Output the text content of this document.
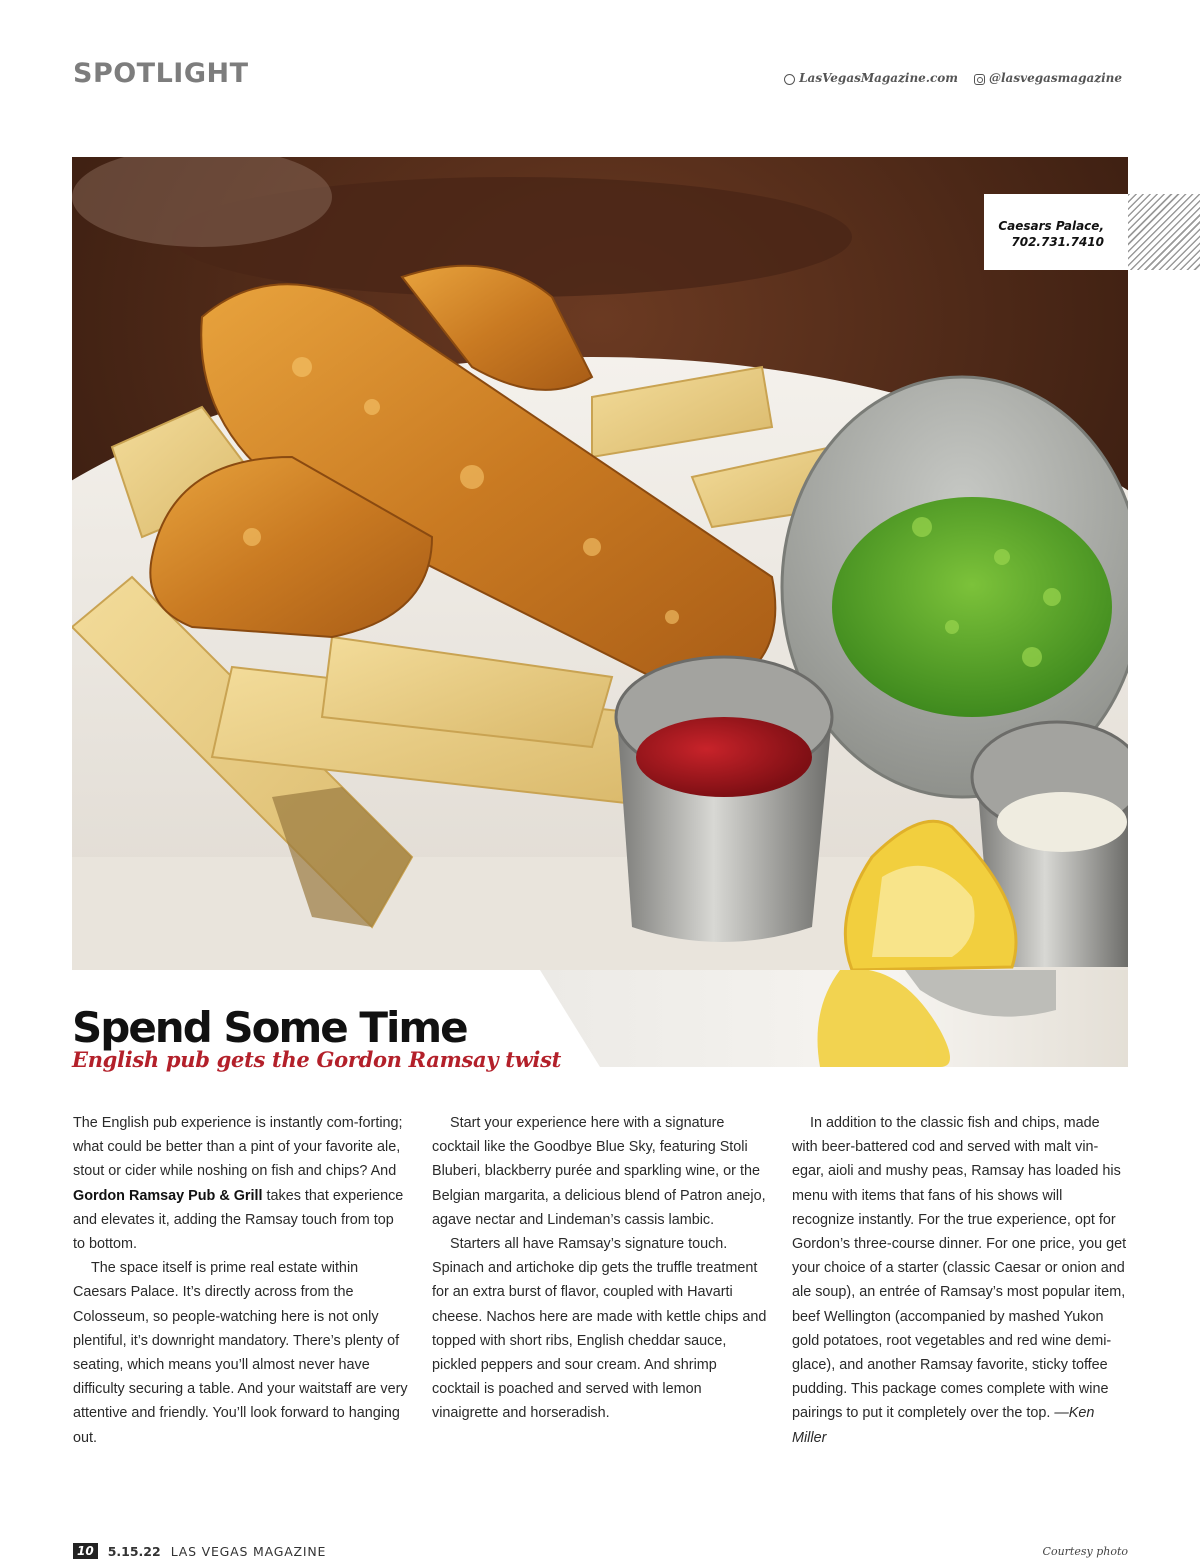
SPOTLIGHT	LasVegasMagazine.com	@lasvegasmagazine
Caesars Palace,
702.731.7410
Spend Some Time
English pub gets the Gordon Ramsay twist

The English pub experience is instantly com-forting; what could be better than a pint of your favorite ale, stout or cider while noshing on fish and chips? And Gordon Ramsay Pub & Grill takes that experience and elevates it, adding the Ramsay touch from top to bottom.

The space itself is prime real estate within Caesars Palace. It’s directly across from the Colosseum, so people-watching here is not only plentiful, it’s downright mandatory. There’s plenty of seating, which means you’ll almost never have difficulty securing a table. And your waitstaff are very attentive and friendly. You’ll look forward to hanging out.

Start your experience here with a signature cocktail like the Goodbye Blue Sky, featuring Stoli Bluberi, blackberry purée and sparkling wine, or the Belgian margarita, a delicious blend of Patron anejo, agave nectar and Lindeman’s cassis lambic.

Starters all have Ramsay’s signature touch. Spinach and artichoke dip gets the truffle treatment for an extra burst of flavor, coupled with Havarti cheese. Nachos here are made with kettle chips and topped with short ribs, English cheddar sauce, pickled peppers and sour cream. And shrimp cocktail is poached and served with lemon vinaigrette and horseradish.

In addition to the classic fish and chips, made with beer-battered cod and served with malt vin-egar, aioli and mushy peas, Ramsay has loaded his menu with items that fans of his shows will recognize instantly. For the true experience, opt for Gordon’s three-course dinner. For one price, you get your choice of a starter (classic Caesar or onion and ale soup), an entrée of Ramsay’s most popular item, beef Wellington (accompanied by mashed Yukon gold potatoes, root vegetables and red wine demi-glace), and another Ramsay favorite, sticky toffee pudding. This package comes complete with wine pairings to put it completely over the top. —Ken Miller

10	5.15.22 LAS VEGAS MAGAZINE	Courtesy photo
